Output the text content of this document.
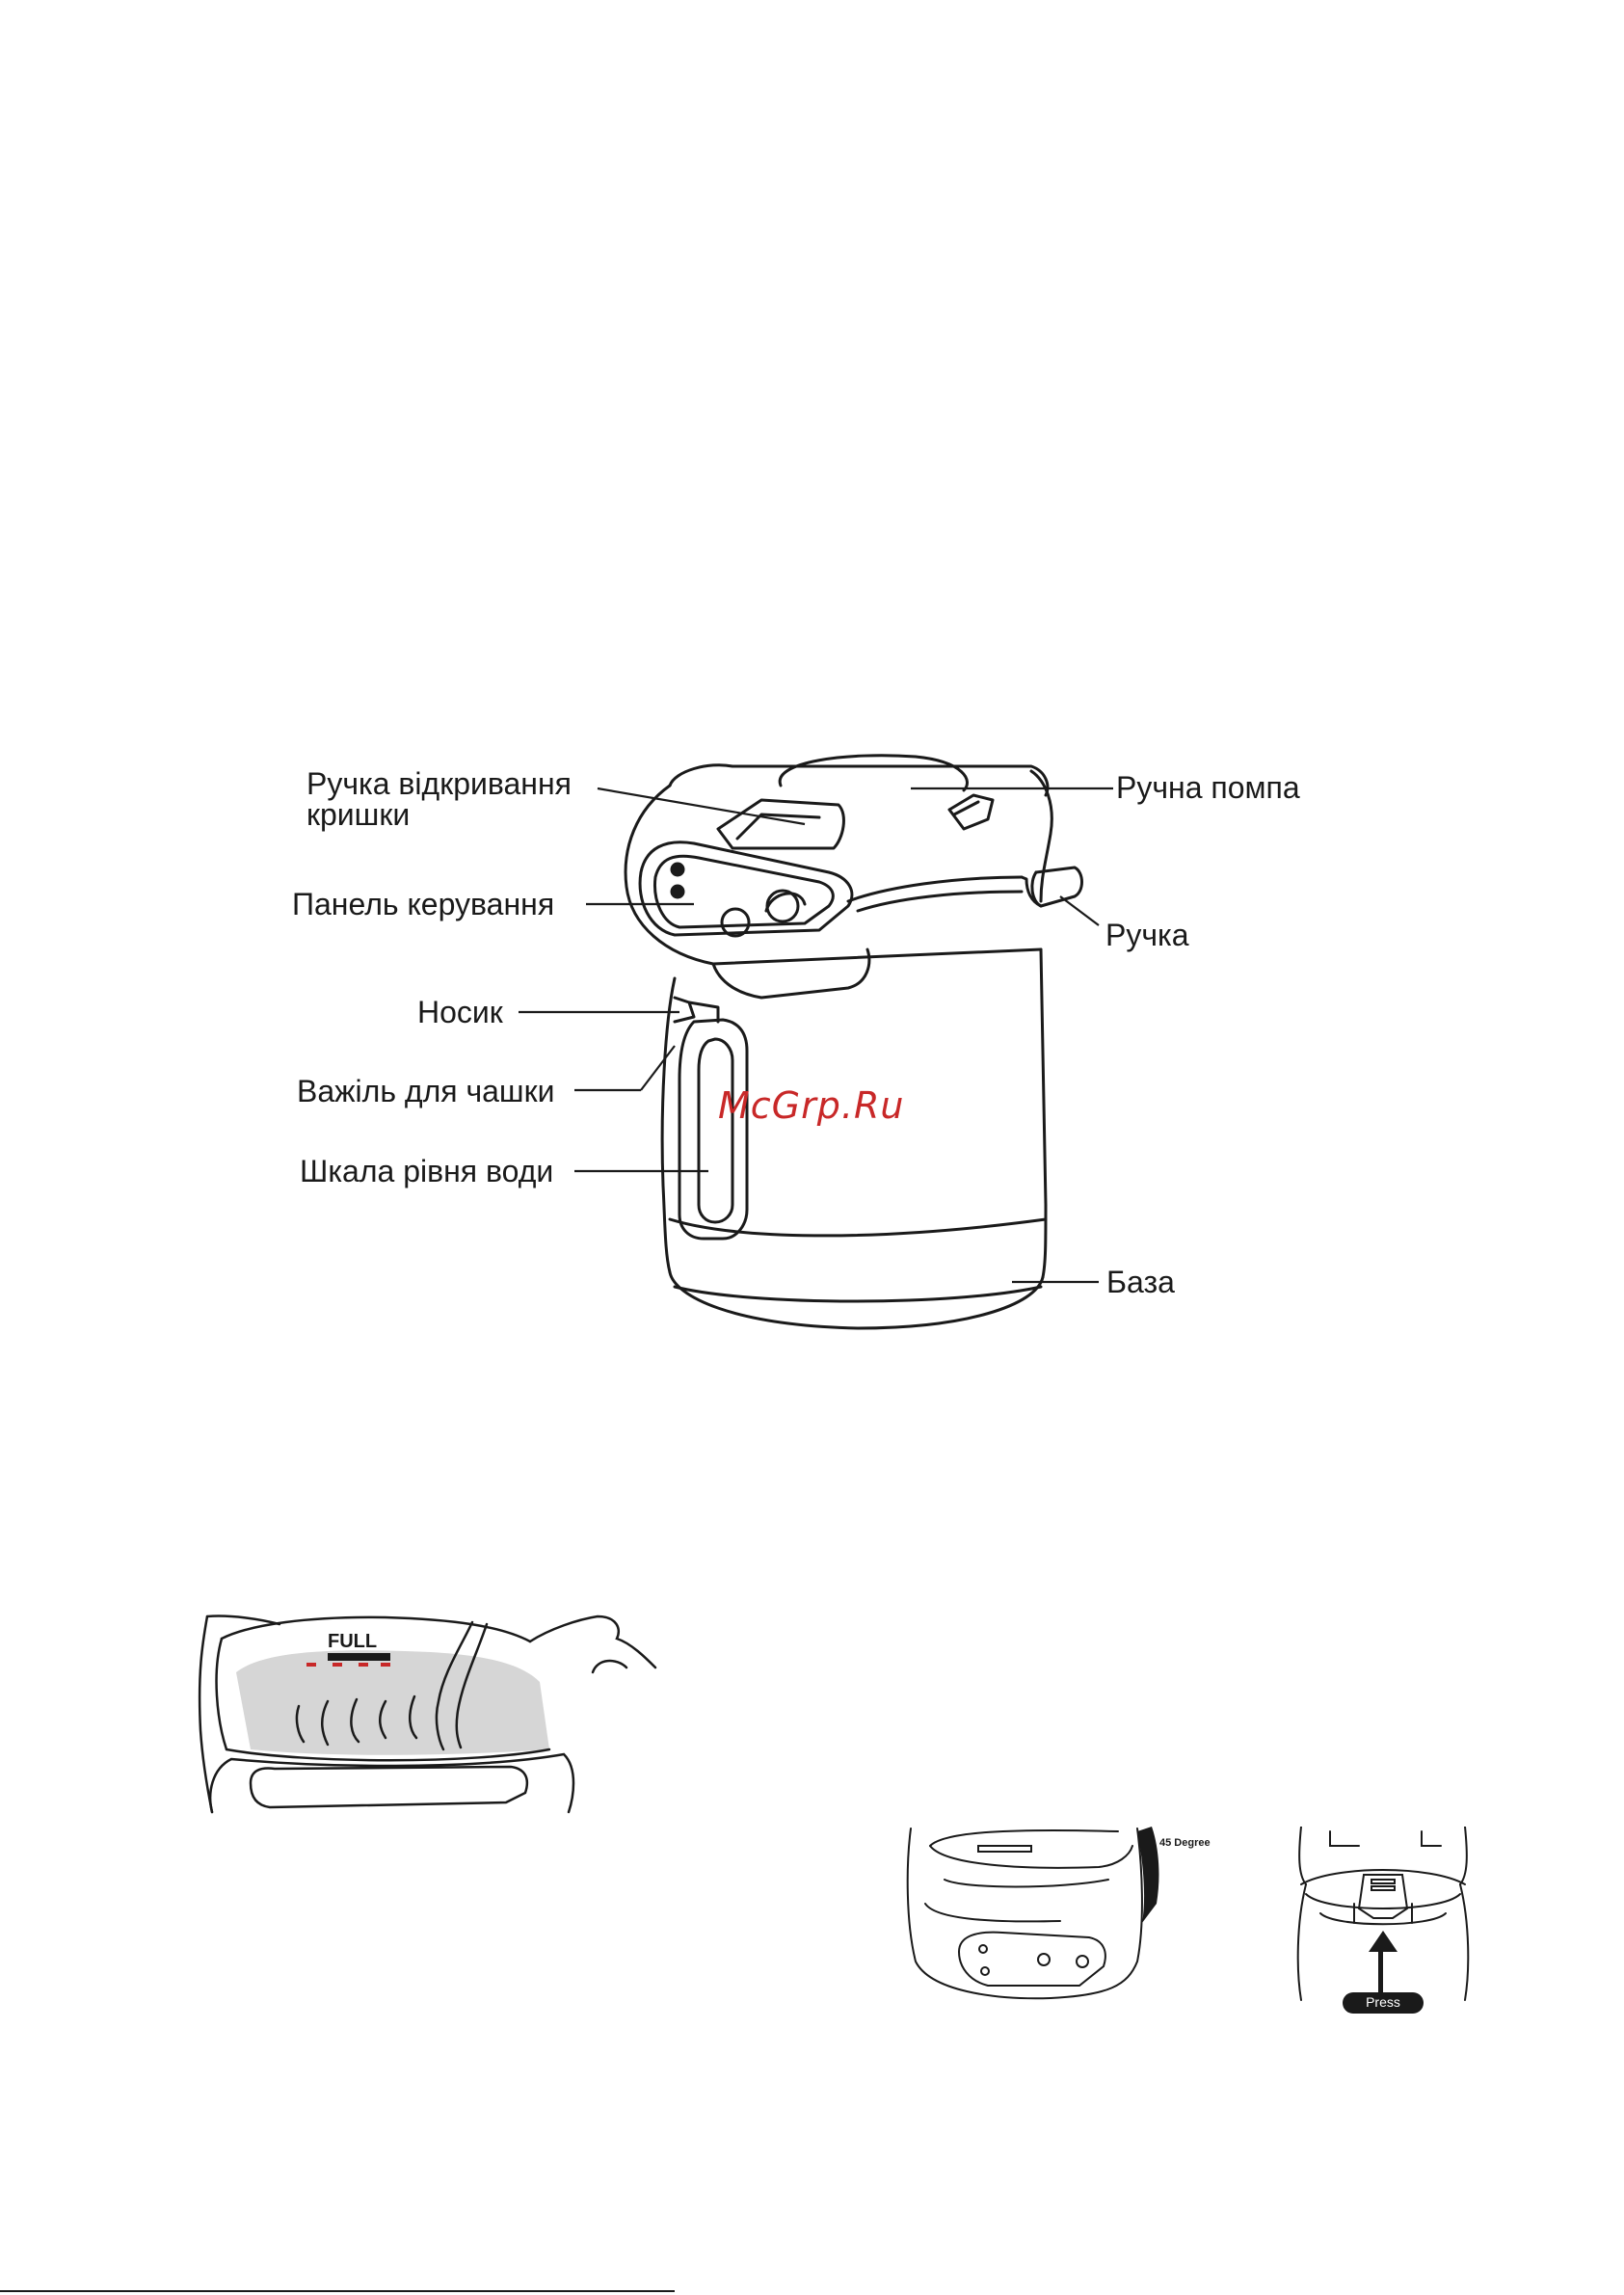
Ручка відкривання
кришки
Ручна помпа
Панель керування
Ручка
Носик
Важіль для чашки
Шкала рівня води
База
McGrp.Ru
FULL
45 Degree
Press
